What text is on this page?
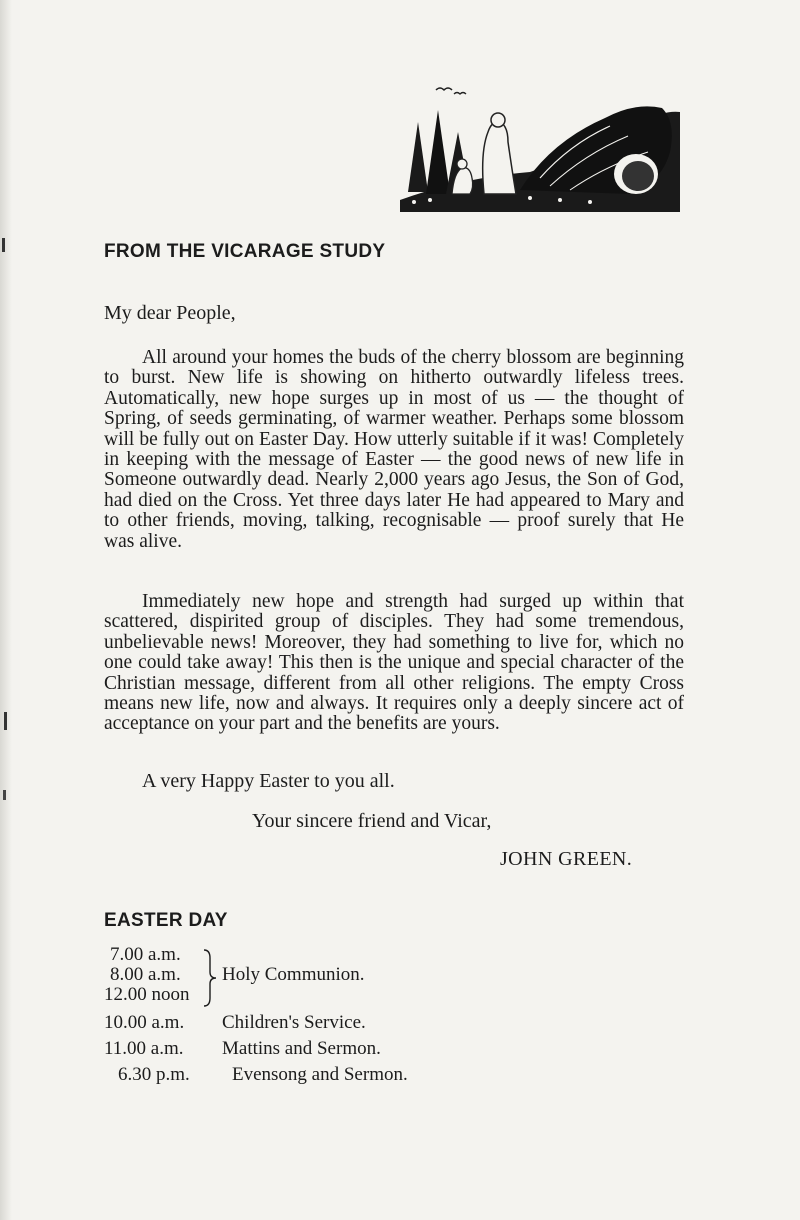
FROM THE VICARAGE STUDY

My dear People,

All around your homes the buds of the cherry blossom are beginning to burst. New life is showing on hitherto outwardly lifeless trees. Automatically, new hope surges up in most of us — the thought of Spring, of seeds germinating, of warmer weather. Perhaps some blossom will be fully out on Easter Day. How utterly suitable if it was! Completely in keeping with the message of Easter — the good news of new life in Someone outwardly dead. Nearly 2,000 years ago Jesus, the Son of God, had died on the Cross. Yet three days later He had appeared to Mary and to other friends, moving, talking, recognisable — proof surely that He was alive.

Immediately new hope and strength had surged up within that scattered, dispirited group of disciples. They had some tremendous, unbelievable news! Moreover, they had something to live for, which no one could take away! This then is the unique and special character of the Christian message, different from all other religions. The empty Cross means new life, now and always. It requires only a deeply sincere act of acceptance on your part and the benefits are yours.

A very Happy Easter to you all.

Your sincere friend and Vicar,

JOHN GREEN.

EASTER DAY

7.00 a.m.

8.00 a.m.

12.00 noon

Holy Communion.

10.00 a.m. Children's Service.

11.00 a.m. Mattins and Sermon.

6.30 p.m. Evensong and Sermon.
